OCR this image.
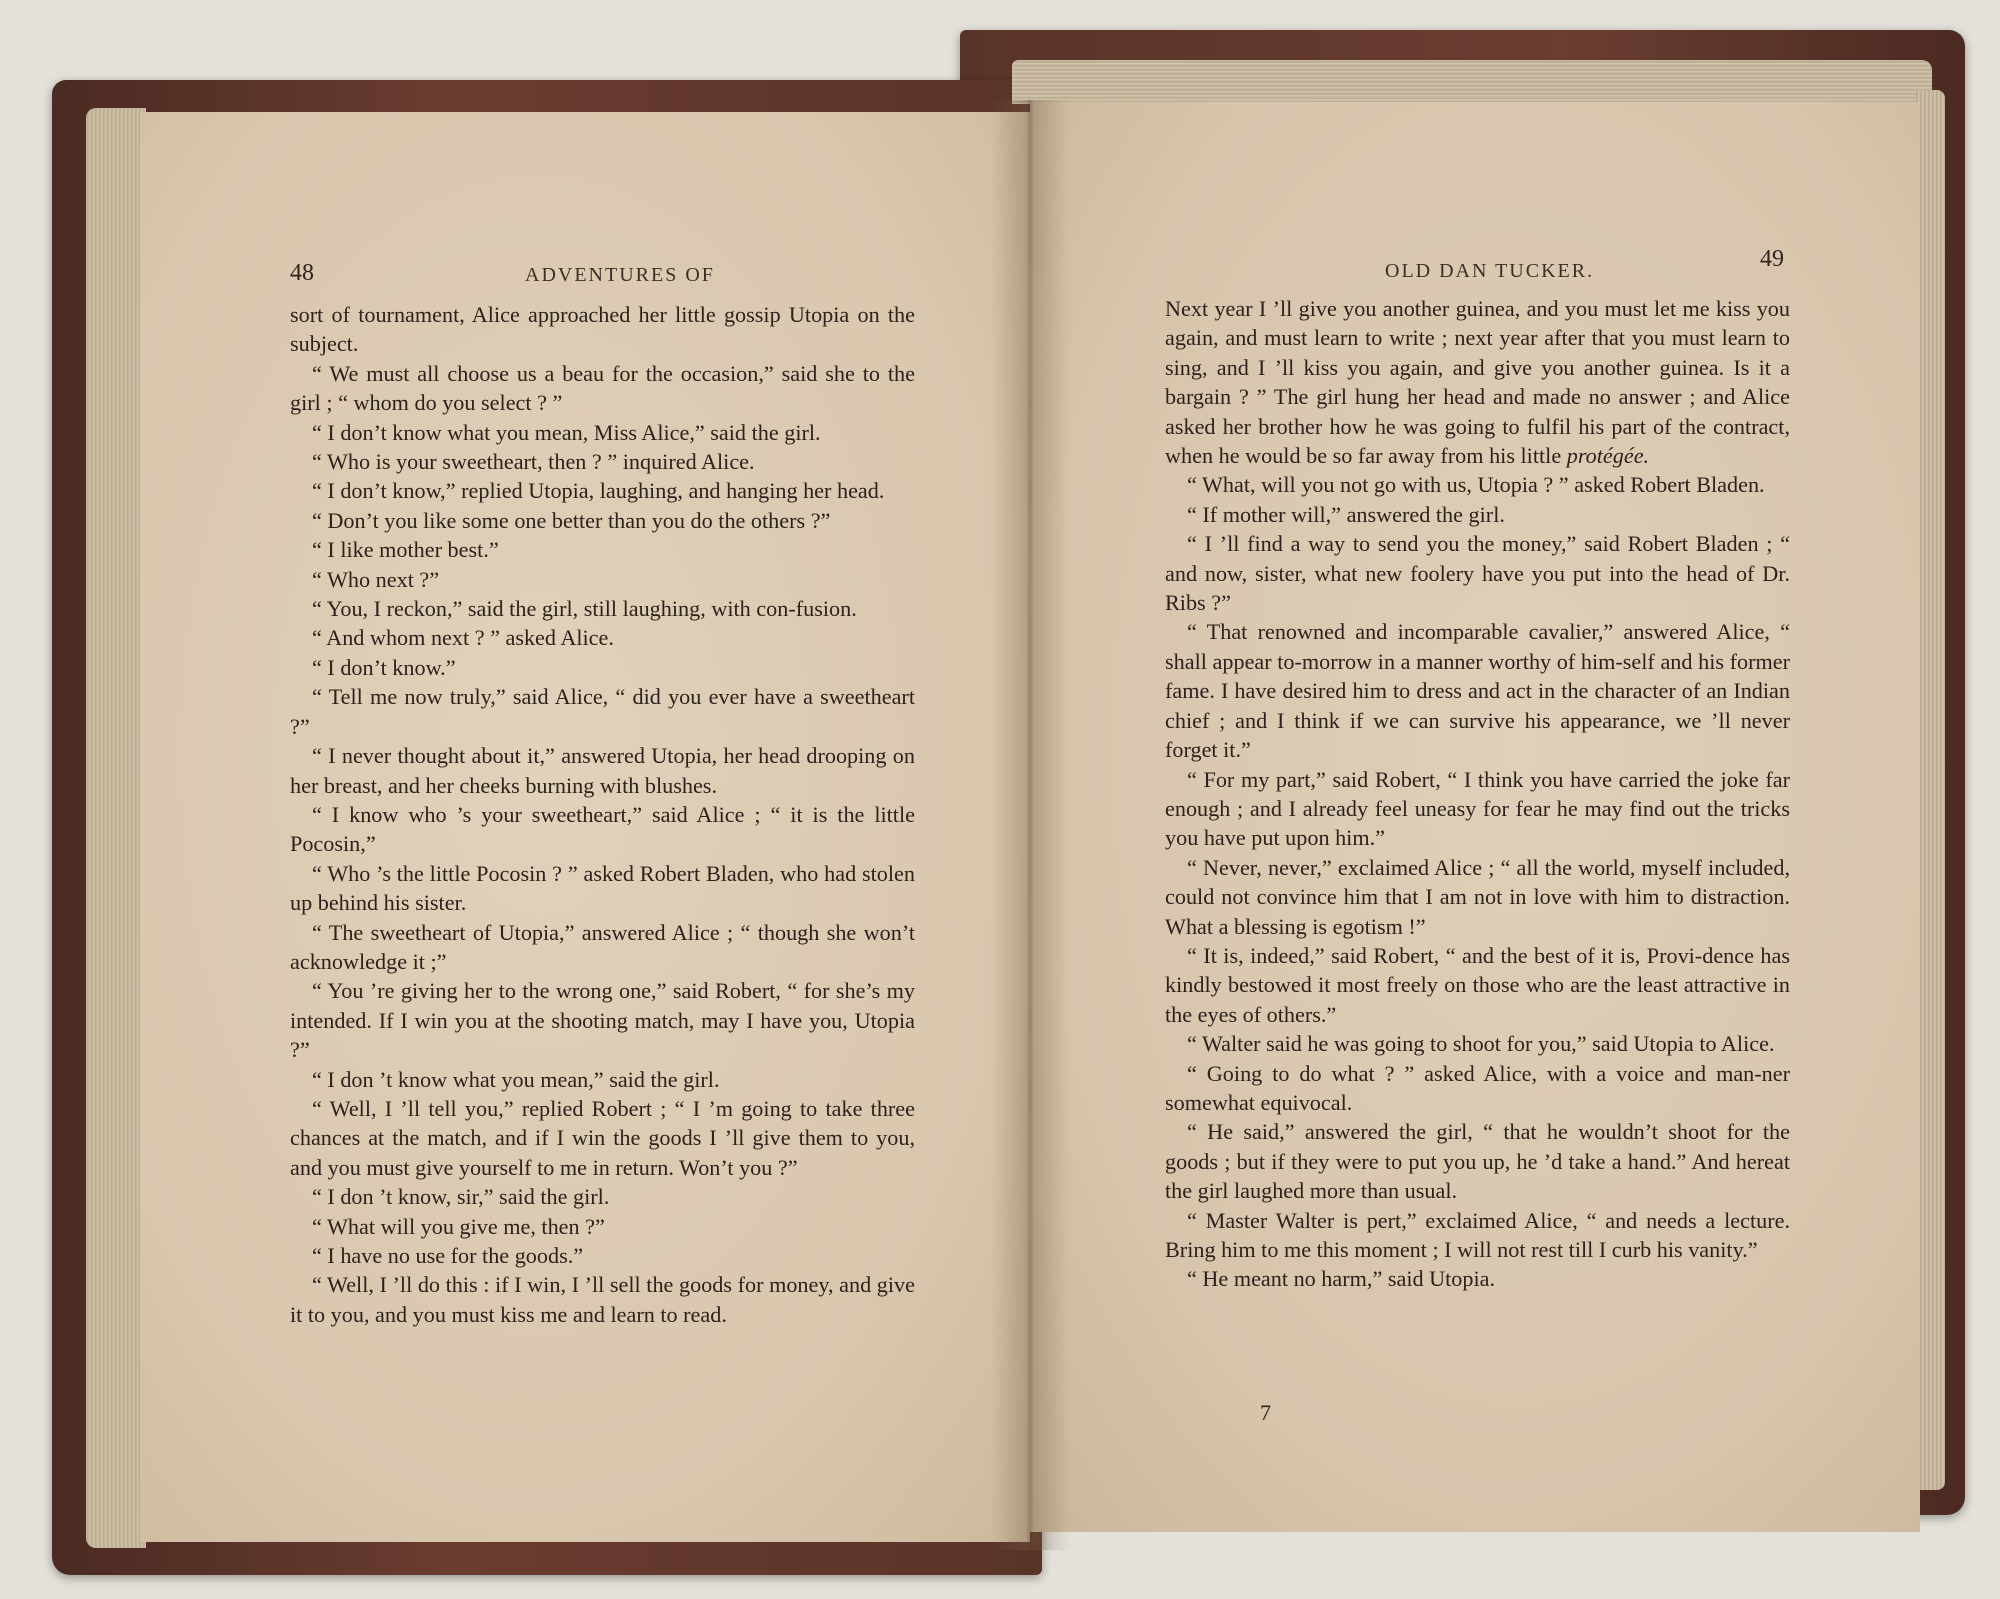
48	ADVENTURES OF

sort of tournament, Alice approached her little gossip Utopia on the subject.

“ We must all choose us a beau for the occasion,” said she to the girl ; “ whom do you select ? ”

“ I don’t know what you mean, Miss Alice,” said the girl.

“ Who is your sweetheart, then ? ” inquired Alice.

“ I don’t know,” replied Utopia, laughing, and hanging her head.

“ Don’t you like some one better than you do the others ?”

“ I like mother best.”

“ Who next ?”

“ You, I reckon,” said the girl, still laughing, with con-fusion.

“ And whom next ? ” asked Alice.

“ I don’t know.”

“ Tell me now truly,” said Alice, “ did you ever have a sweetheart ?”

“ I never thought about it,” answered Utopia, her head drooping on her breast, and her cheeks burning with blushes.

“ I know who ’s your sweetheart,” said Alice ; “ it is the little Pocosin,”

“ Who ’s the little Pocosin ? ” asked Robert Bladen, who had stolen up behind his sister.

“ The sweetheart of Utopia,” answered Alice ; “ though she won’t acknowledge it ;”

“ You ’re giving her to the wrong one,” said Robert, “ for she’s my intended. If I win you at the shooting match, may I have you, Utopia ?”

“ I don ’t know what you mean,” said the girl.

“ Well, I ’ll tell you,” replied Robert ; “ I ’m going to take three chances at the match, and if I win the goods I ’ll give them to you, and you must give yourself to me in return. Won’t you ?”

“ I don ’t know, sir,” said the girl.

“ What will you give me, then ?”

“ I have no use for the goods.”

“ Well, I ’ll do this : if I win, I ’ll sell the goods for money, and give it to you, and you must kiss me and learn to read.

OLD DAN TUCKER.	49

Next year I ’ll give you another guinea, and you must let me kiss you again, and must learn to write ; next year after that you must learn to sing, and I ’ll kiss you again, and give you another guinea. Is it a bargain ? ” The girl hung her head and made no answer ; and Alice asked her brother how he was going to fulfil his part of the contract, when he would be so far away from his little protégée.

“ What, will you not go with us, Utopia ? ” asked Robert Bladen.

“ If mother will,” answered the girl.

“ I ’ll find a way to send you the money,” said Robert Bladen ; “ and now, sister, what new foolery have you put into the head of Dr. Ribs ?”

“ That renowned and incomparable cavalier,” answered Alice, “ shall appear to-morrow in a manner worthy of him-self and his former fame. I have desired him to dress and act in the character of an Indian chief ; and I think if we can survive his appearance, we ’ll never forget it.”

“ For my part,” said Robert, “ I think you have carried the joke far enough ; and I already feel uneasy for fear he may find out the tricks you have put upon him.”

“ Never, never,” exclaimed Alice ; “ all the world, myself included, could not convince him that I am not in love with him to distraction. What a blessing is egotism !”

“ It is, indeed,” said Robert, “ and the best of it is, Provi-dence has kindly bestowed it most freely on those who are the least attractive in the eyes of others.”

“ Walter said he was going to shoot for you,” said Utopia to Alice.

“ Going to do what ? ” asked Alice, with a voice and man-ner somewhat equivocal.

“ He said,” answered the girl, “ that he wouldn’t shoot for the goods ; but if they were to put you up, he ’d take a hand.” And hereat the girl laughed more than usual.

“ Master Walter is pert,” exclaimed Alice, “ and needs a lecture. Bring him to me this moment ; I will not rest till I curb his vanity.”

“ He meant no harm,” said Utopia.

7
